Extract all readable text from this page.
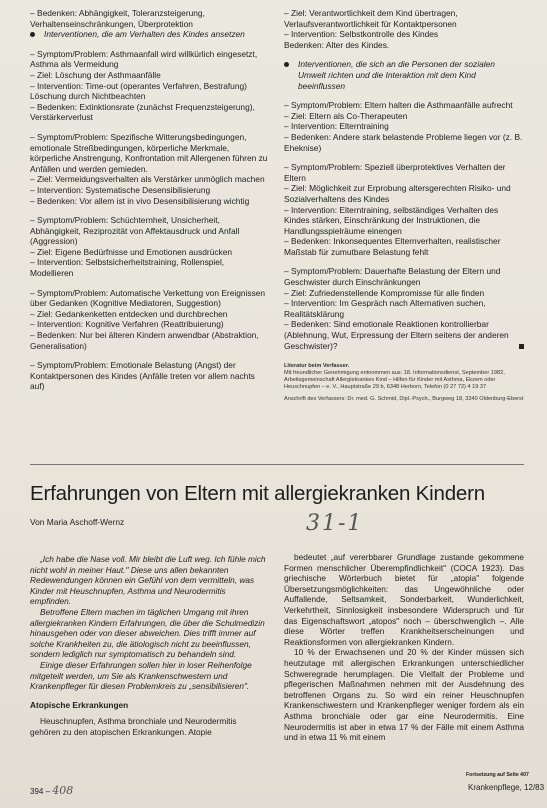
– Bedenken: Abhängigkeit, Toleranzsteigerung, Verhaltenseinschränkungen, Überprotektion

Interventionen, die am Verhalten des Kindes ansetzen

– Symptom/Problem: Asthmaanfall wird willkürlich eingesetzt, Asthma als Vermeidung

– Ziel: Löschung der Asthmaanfälle

– Intervention: Time-out (operantes Verfahren, Bestrafung) Löschung durch Nichtbeachten

– Bedenken: Extinktionsrate (zunächst Frequenzsteigerung), Verstärkerverlust

– Symptom/Problem: Spezifische Witterungsbedingungen, emotionale Streßbedingungen, körperliche Merkmale, körperliche Anstrengung, Konfrontation mit Allergenen führen zu Anfällen und werden gemieden.

– Ziel: Vermeidungsverhalten als Verstärker unmöglich machen

– Intervention: Systematische Desensibilisierung

– Bedenken: Vor allem ist in vivo Desensibilisierung wichtig

– Symptom/Problem: Schüchternheit, Unsicherheit, Abhängigkeit, Reziprozität von Affektausdruck und Anfall (Aggression)

– Ziel: Eigene Bedürfnisse und Emotionen ausdrücken

– Intervention: Selbstsicherheitstraining, Rollenspiel, Modellieren

– Symptom/Problem: Automatische Verkettung von Ereignissen über Gedanken (Kognitive Mediatoren, Suggestion)

– Ziel: Gedankenketten entdecken und durchbrechen

– Intervention: Kognitive Verfahren (Reattribuierung)

– Bedenken: Nur bei älteren Kindern anwendbar (Abstraktion, Generalisation)

– Symptom/Problem: Emotionale Belastung (Angst) der Kontaktpersonen des Kindes (Anfälle treten vor allem nachts auf)

– Ziel: Verantwortlichkeit dem Kind übertragen, Verlaufsverantwortlichkeit für Kontaktpersonen

– Intervention: Selbstkontrolle des Kindes

Bedenken: Alter des Kindes.

Interventionen, die sich an die Personen der sozialen Umwelt richten und die Interaktion mit dem Kind beeinflussen

– Symptom/Problem: Eltern halten die Asthmaanfälle aufrecht

– Ziel: Eltern als Co-Therapeuten

– Intervention: Elterntraining

– Bedenken: Andere stark belastende Probleme liegen vor (z. B. Eheknise)

– Symptom/Problem: Speziell überprotektives Verhalten der Eltern

– Ziel: Möglichkeit zur Erprobung altersgerechten Risiko- und Sozialverhaltens des Kindes

– Intervention: Elterntraining, selbständiges Verhalten des Kindes stärken, Einschränkung der Instruktionen, die Handlungsspielräume einengen

– Bedenken: Inkonsequentes Elternverhalten, realistischer Maßstab für zumutbare Belastung fehlt

– Symptom/Problem: Dauerhafte Belastung der Eltern und Geschwister durch Einschränkungen

– Ziel: Zufriedenstellende Kompromisse für alle finden

– Intervention: Im Gespräch nach Alternativen suchen, Realitätsklärung

– Bedenken: Sind emotionale Reaktionen kontrollierbar (Ablehnung, Wut, Erpressung der Eltern seitens der anderen Geschwister)?

Literatur beim Verfasser.

Mit freundlicher Genehmigung entnommen aus: 18. Informationsdienst, September 1982, Arbeitsgemeinschaft Allergiekrankes Kind – Hilfen für Kinder mit Asthma, Ekzem oder Heuschnupfen – e. V., Hauptstraße 29 b, 6348 Herborn, Telefon (0 27 72) 4 19 37

Anschrift des Verfassers: Dr. med. G. Schmid, Dipl.-Psych., Burgweg 18, 3340 Oldenburg-Eberst

Erfahrungen von Eltern mit allergiekranken Kindern
Von Maria Aschoff-Wernz	31-1

„Ich habe die Nase voll. Mir bleibt die Luft weg. Ich fühle mich nicht wohl in meiner Haut." Diese uns allen bekannten Redewendungen können ein Gefühl von dem vermitteln, was Kinder mit Heuschnupfen, Asthma und Neurodermitis empfinden.

Betroffene Eltern machen im täglichen Umgang mit ihren allergiekranken Kindern Erfahrungen, die über die Schulmedizin hinausgehen oder von dieser abweichen. Dies trifft immer auf solche Krankheiten zu, die ätiologisch nicht zu beeinflussen, sondern lediglich nur symptomatisch zu behandeln sind.

Einige dieser Erfahrungen sollen hier in loser Reihenfolge mitgeteilt werden, um Sie als Krankenschwestern und Krankenpfleger für diesen Problemkreis zu „sensibilisieren".

Atopische Erkrankungen

Heuschnupfen, Asthma bronchiale und Neurodermitis gehören zu den atopischen Erkrankungen. Atopie

bedeutet „auf vererbbarer Grundlage zustande gekommene Formen menschlicher Überempfindlichkeit" (COCA 1923). Das griechische Wörterbuch bietet für „atopia" folgende Übersetzungsmöglichkeiten: das Ungewöhnliche oder Auffallende, Seltsamkeit, Sonderbarkeit, Wunderlichkeit, Verkehrtheit, Sinnlosigkeit insbesondere Widerspruch und für das Eigenschaftswort „atopos" noch – überschwenglich –. Alle diese Wörter treffen Krankheitserscheinungen und Reaktionsformen von allergiekranken Kindern.

10 % der Erwachsenen und 20 % der Kinder müssen sich heutzutage mit allergischen Erkrankungen unterschiedlicher Schweregrade herumplagen. Die Vielfalt der Probleme und pflegerischen Maßnahmen nehmen mit der Ausdehnung des betroffenen Organs zu. So wird ein reiner Heuschnupfen Krankenschwestern und Krankenpfleger weniger fordern als ein Asthma bronchiale oder gar eine Neurodermitis. Eine Neurodermitis ist aber in etwa 17 % der Fälle mit einem Asthma und in etwa 11 % mit einem

Fortsetzung auf Seite 407
394 – 408	Krankenpflege, 12/83
